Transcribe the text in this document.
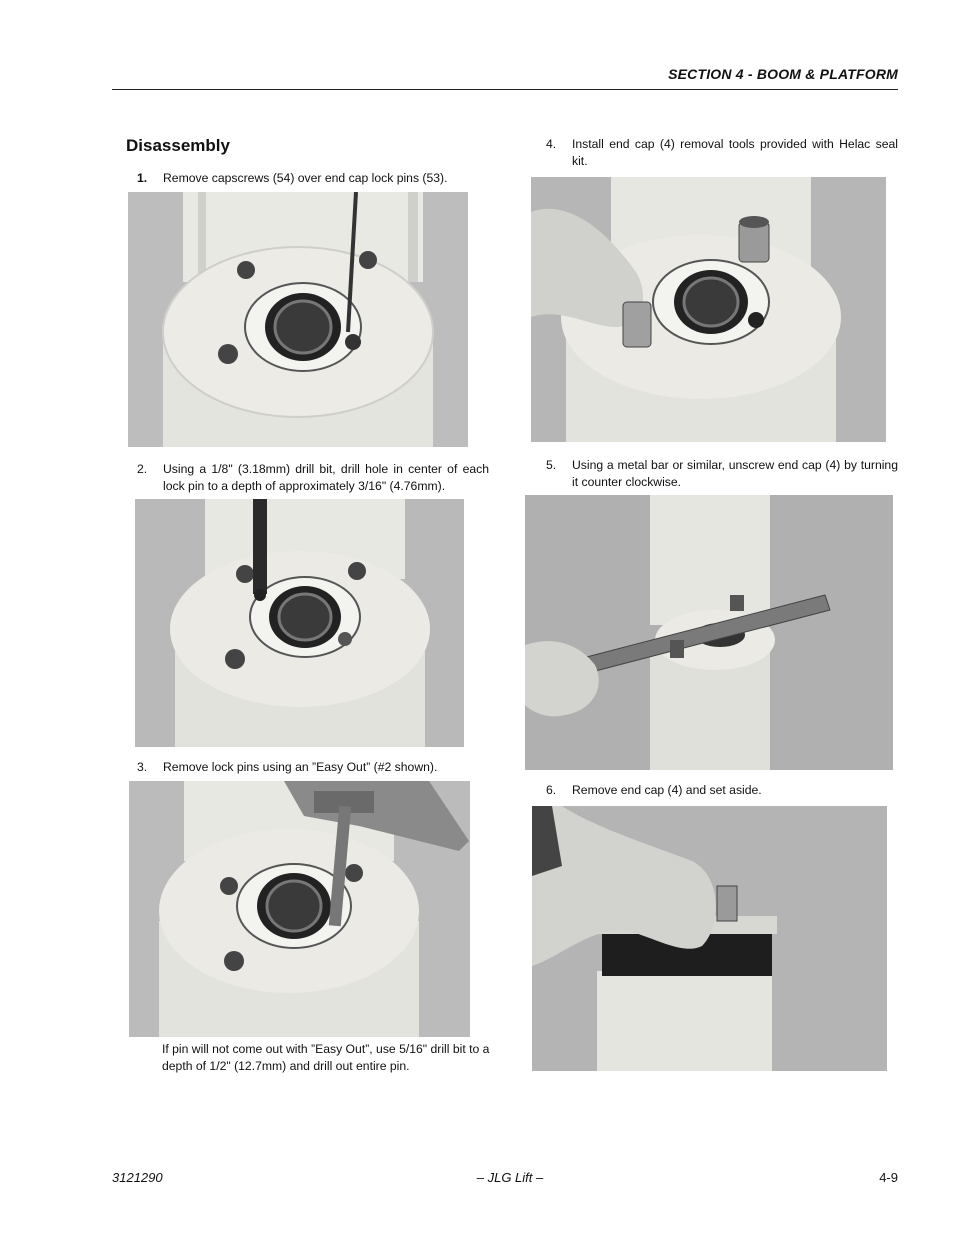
SECTION 4 - BOOM & PLATFORM
Disassembly
1. Remove capscrews (54) over end cap lock pins (53).
2. Using a 1/8" (3.18mm) drill bit, drill hole in center of each lock pin to a depth of approximately 3/16" (4.76mm).
3. Remove lock pins using an ”Easy Out” (#2 shown).
If pin will not come out with ”Easy Out”, use 5/16" drill bit to a depth of 1/2" (12.7mm) and drill out entire pin.
4. Install end cap (4) removal tools provided with Helac seal kit.
5. Using a metal bar or similar, unscrew end cap (4) by turning it counter clockwise.
6. Remove end cap (4) and set aside.
3121290	– JLG Lift –	4-9
